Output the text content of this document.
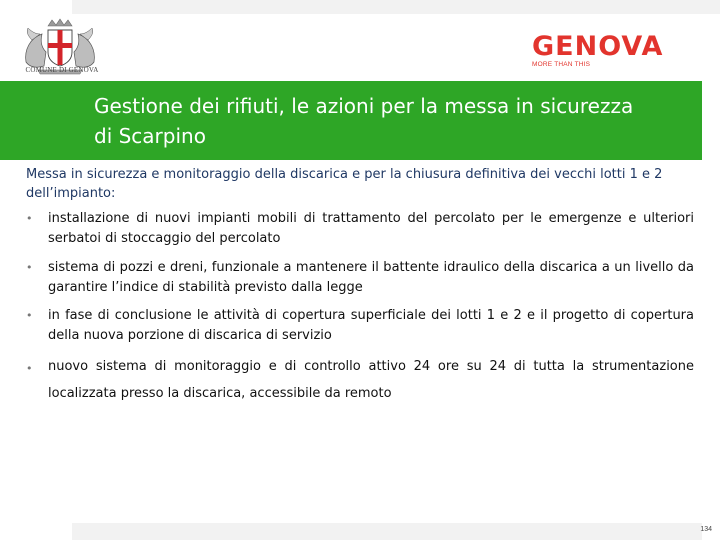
COMUNE DI GENOVA
GENOVA
MORE THAN THIS
Gestione dei rifiuti, le azioni per la messa in sicurezza di Scarpino
Messa in sicurezza e monitoraggio della discarica e per la chiusura definitiva dei vecchi lotti 1 e 2 dell’impianto:
• installazione di nuovi impianti mobili di trattamento del percolato per le emergenze e ulteriori serbatoi di stoccaggio del percolato
• sistema di pozzi e dreni, funzionale a mantenere il battente idraulico della discarica a un livello da garantire l’indice di stabilità previsto dalla legge
• in fase di conclusione le attività di copertura superficiale dei lotti 1 e 2 e il progetto di copertura della nuova porzione di discarica di servizio
• nuovo sistema di monitoraggio e di controllo attivo 24 ore su 24 di tutta la strumentazione localizzata presso la discarica, accessibile da remoto
134
